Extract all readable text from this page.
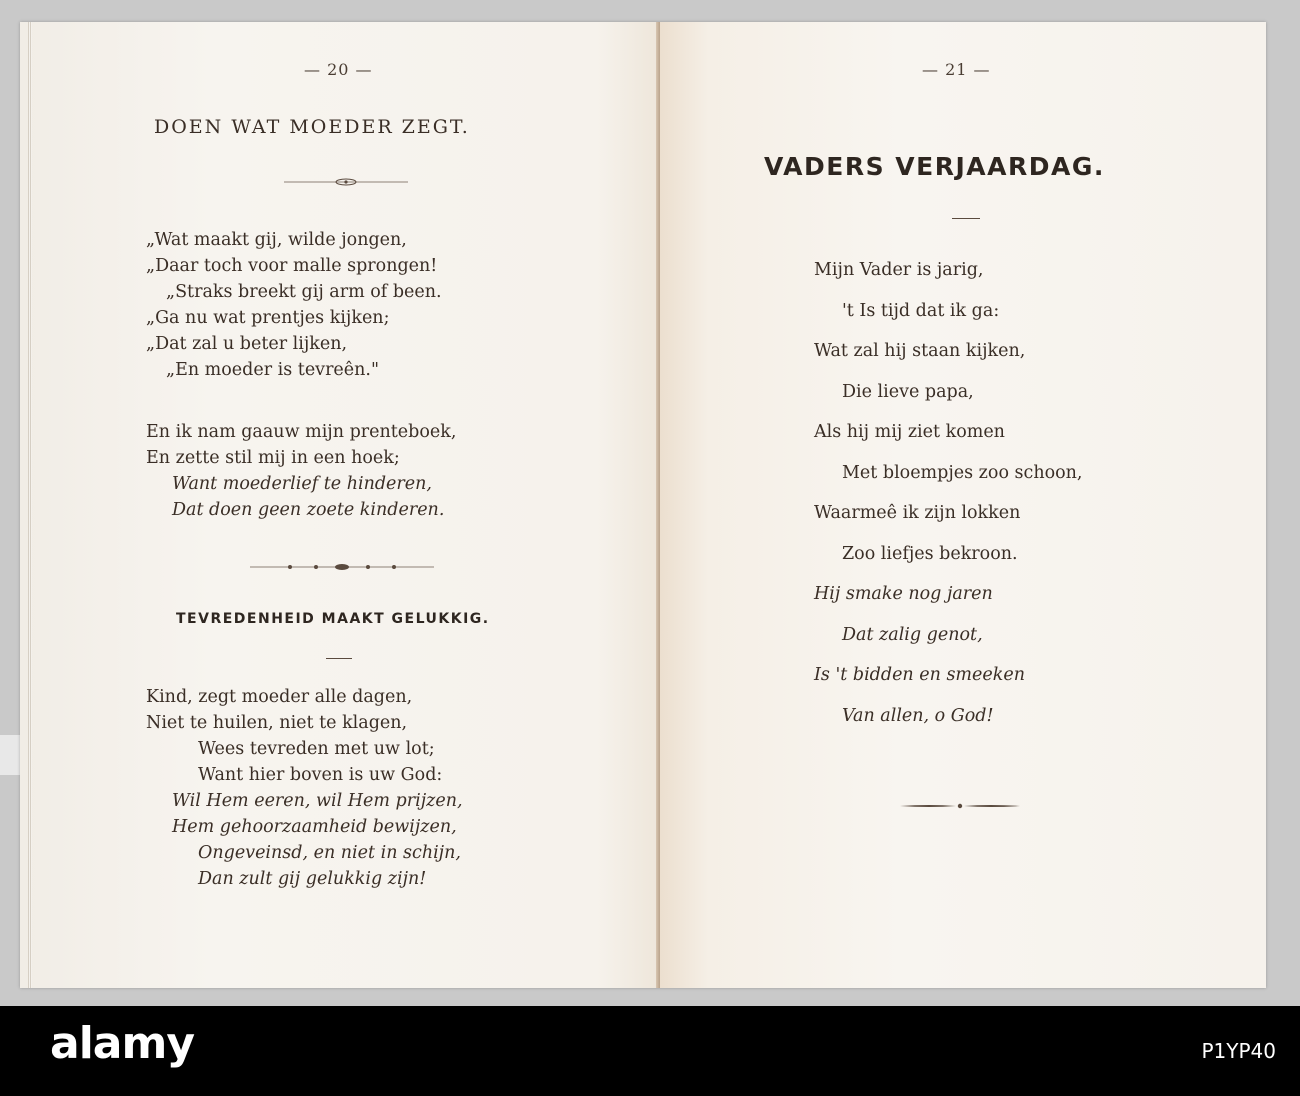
— 20 —
DOEN WAT MOEDER ZEGT.
„Wat maakt gij, wilde jongen,
„Daar toch voor malle sprongen!
„Straks breekt gij arm of been.
„Ga nu wat prentjes kijken;
„Dat zal u beter lijken,
„En moeder is tevreên."
En ik nam gaauw mijn prenteboek,
En zette stil mij in een hoek;
Want moederlief te hinderen,
Dat doen geen zoete kinderen.
TEVREDENHEID MAAKT GELUKKIG.
Kind, zegt moeder alle dagen,
Niet te huilen, niet te klagen,
Wees tevreden met uw lot;
Want hier boven is uw God:
Wil Hem eeren, wil Hem prijzen,
Hem gehoorzaamheid bewijzen,
Ongeveinsd, en niet in schijn,
Dan zult gij gelukkig zijn!
— 21 —
VADERS VERJAARDAG.
Mijn Vader is jarig,
't Is tijd dat ik ga:
Wat zal hij staan kijken,
Die lieve papa,
Als hij mij ziet komen
Met bloempjes zoo schoon,
Waarmeê ik zijn lokken
Zoo liefjes bekroon.
Hij smake nog jaren
Dat zalig genot,
Is 't bidden en smeeken
Van allen, o God!
alamy	P1YP40
